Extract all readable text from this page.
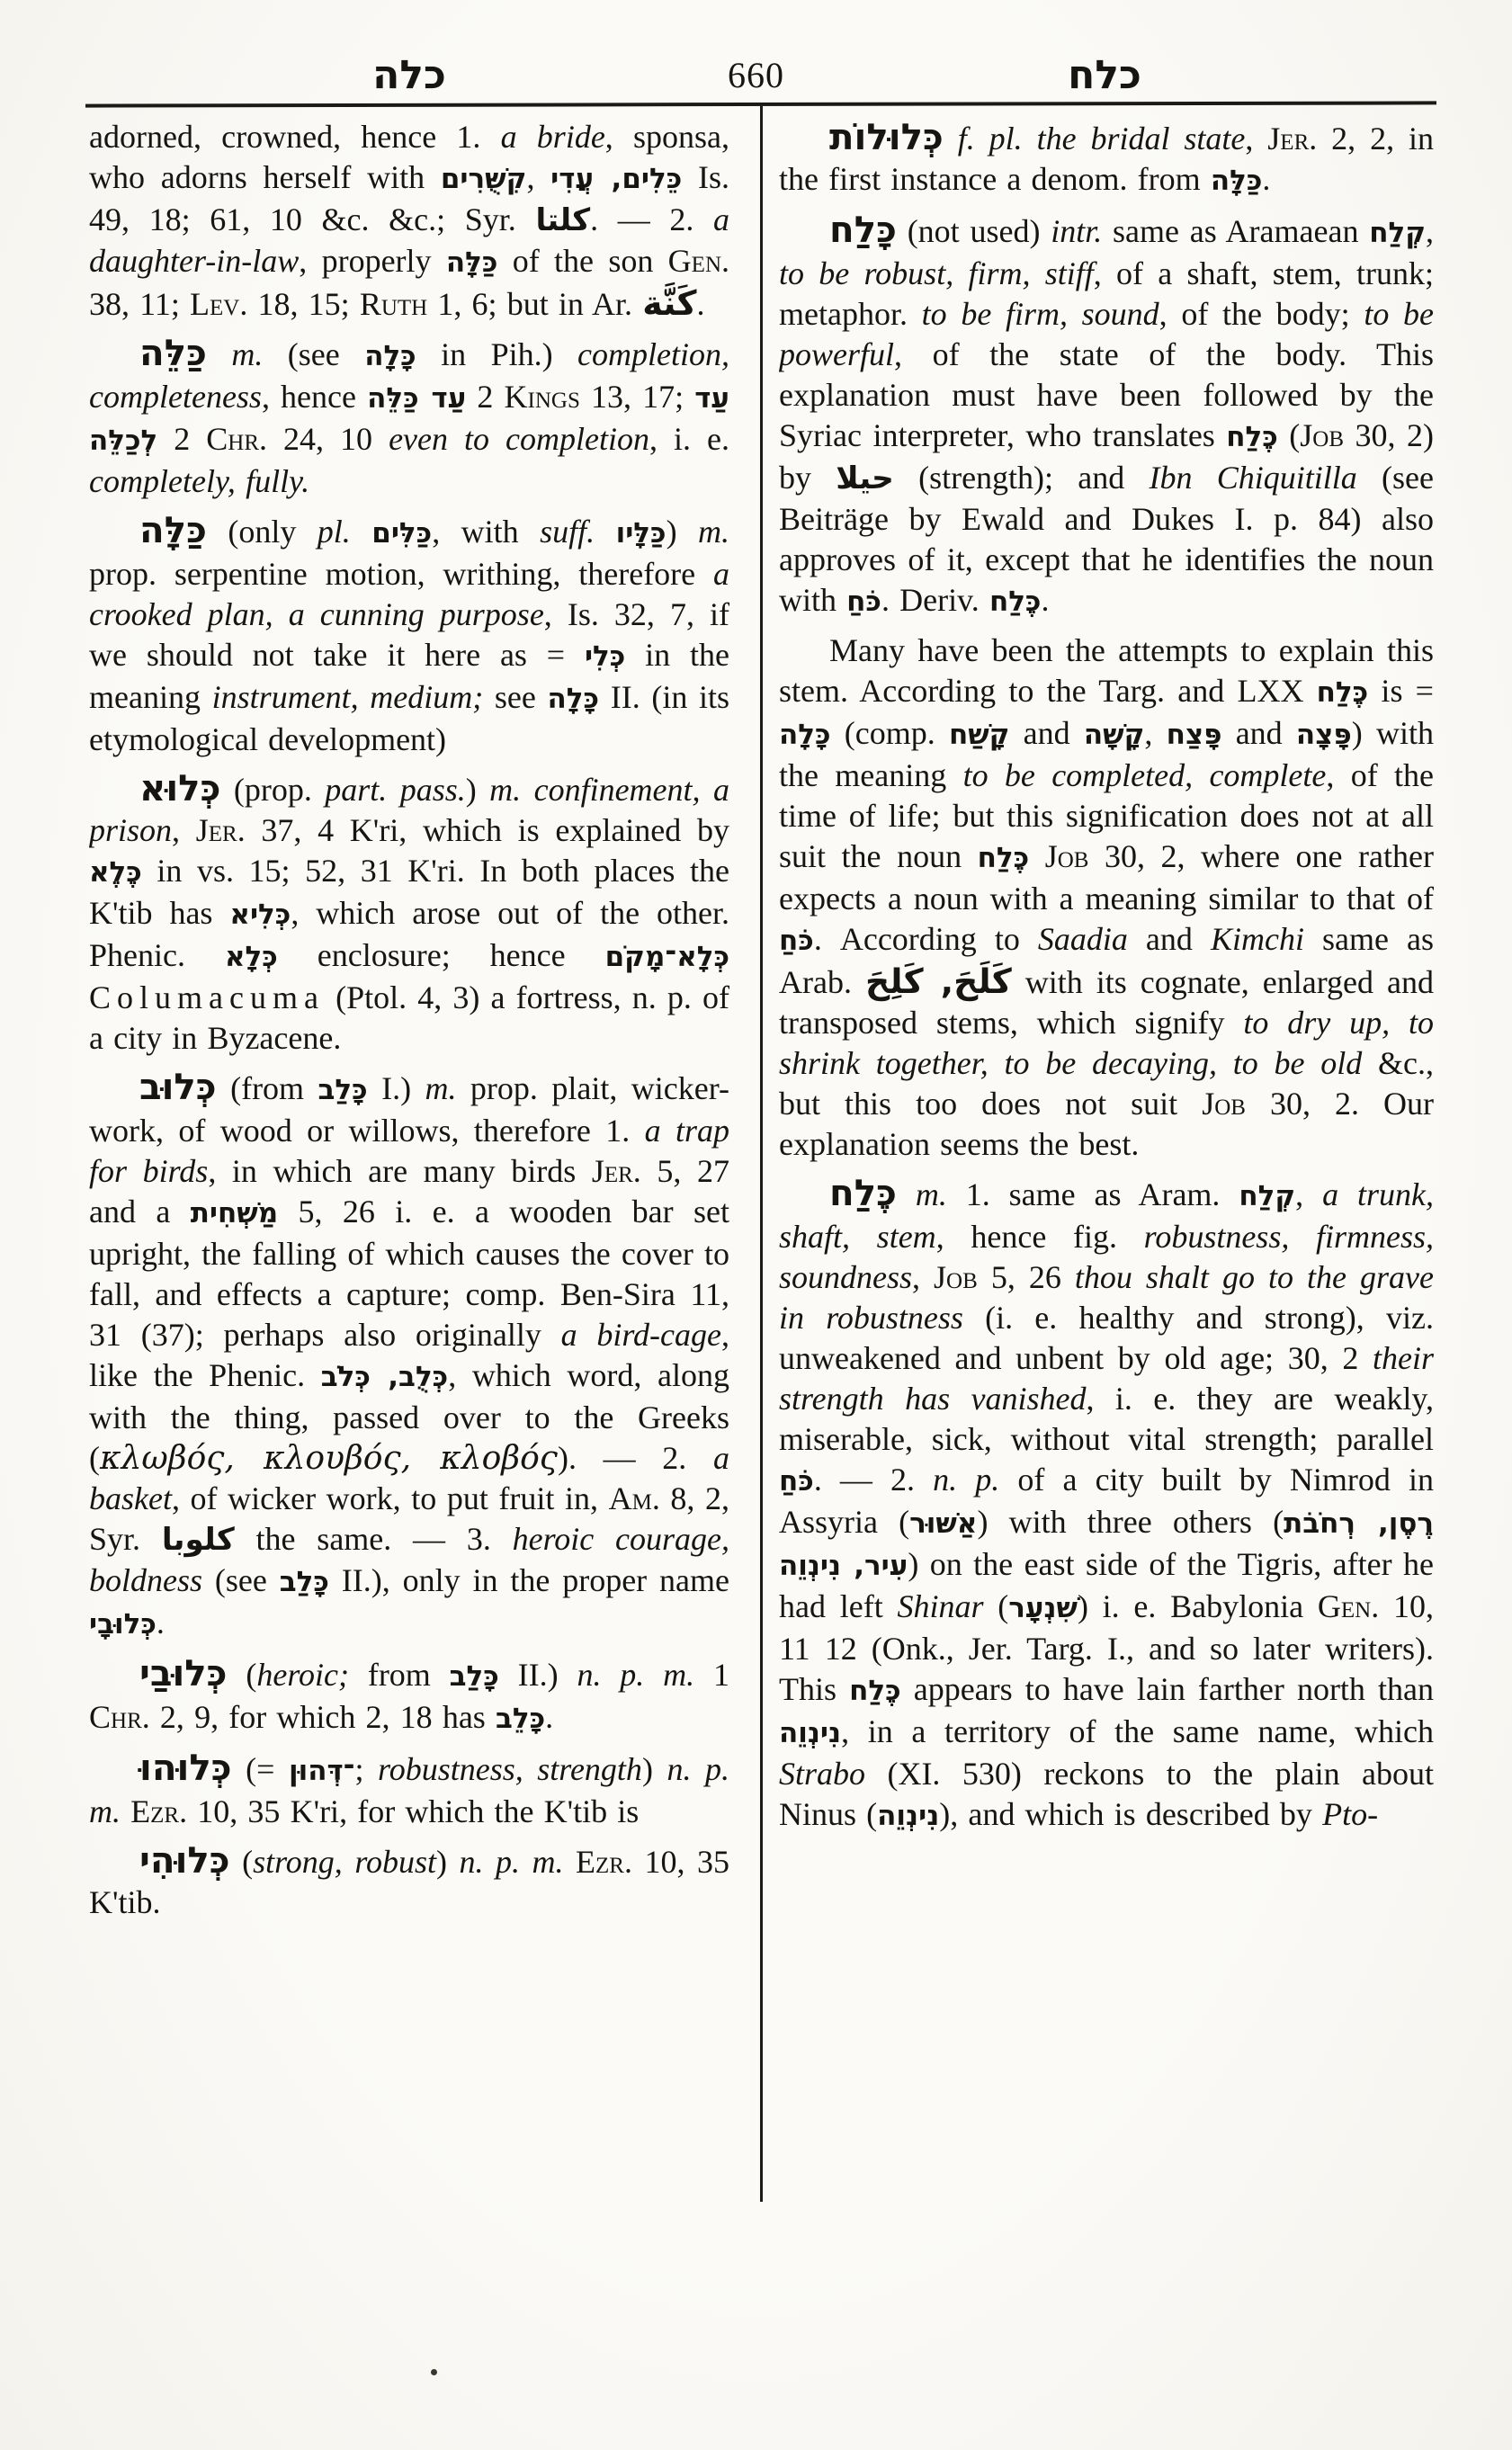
כלה	660	כלח

adorned, crowned, hence 1. a bride, sponsa, who adorns herself with קִשֻּׁרִים, כֵּלִים, עֲדִי Is. 49, 18; 61, 10 &c. &c.; Syr. كلتا. — 2. a daughter-in-law, properly כַּלָּה of the son Gen. 38, 11; Lev. 18, 15; Ruth 1, 6; but in Ar. كَنَّة.

כַּלֵּה m. (see כָּלָה in Pih.) completion, completeness, hence עַד כַּלֵּה 2 Kings 13, 17; עַד לְכַלֵּה 2 Chr. 24, 10 even to completion, i. e. completely, fully.

כַּלָּה (only pl. כַּלִּים, with suff. כַּלָּיו) m. prop. serpentine motion, writhing, therefore a crooked plan, a cunning purpose, Is. 32, 7, if we should not take it here as = כְּלִי in the meaning instrument, medium; see כָּלָה II. (in its etymological development)

כְּלוּא (prop. part. pass.) m. confinement, a prison, Jer. 37, 4 K'ri, which is explained by כֶּלֶא in vs. 15; 52, 31 K'ri. In both places the K'tib has כְּלִיא, which arose out of the other. Phenic. כְּלָא enclosure; hence כְּלָא־מָקֹם Columacuma (Ptol. 4, 3) a fortress, n. p. of a city in Byzacene.

כְּלוּב (from כָּלַב I.) m. prop. plait, wicker-work, of wood or willows, therefore 1. a trap for birds, in which are many birds Jer. 5, 27 and a מַשְׁחִית 5, 26 i. e. a wooden bar set upright, the falling of which causes the cover to fall, and effects a capture; comp. Ben-Sira 11, 31 (37); perhaps also originally a bird-cage, like the Phenic. כְּלֻב, כְּלֹב, which word, along with the thing, passed over to the Greeks (κλωβός, κλουβός, κλοβός). — 2. a basket, of wicker work, to put fruit in, Am. 8, 2, Syr. كلوبا the same. — 3. heroic courage, boldness (see כָּלַב II.), only in the proper name כְּלוּבָי.

כְּלוּבַי (heroic; from כָּלַב II.) n. p. m. 1 Chr. 2, 9, for which 2, 18 has כָּלֵב.

כְּלוּהוּ (= ־דְּהוּן; robustness, strength) n. p. m. Ezr. 10, 35 K'ri, for which the K'tib is

כְּלוּהִי (strong, robust) n. p. m. Ezr. 10, 35 K'tib.

כְּלוּלוֹת f. pl. the bridal state, Jer. 2, 2, in the first instance a denom. from כַּלָּה.

כָּלַח (not used) intr. same as Aramaean קְלַח, to be robust, firm, stiff, of a shaft, stem, trunk; metaphor. to be firm, sound, of the body; to be powerful, of the state of the body. This explanation must have been followed by the Syriac interpreter, who translates כֶּלַח (Job 30, 2) by حيلا (strength); and Ibn Chiquitilla (see Beiträge by Ewald and Dukes I. p. 84) also approves of it, except that he identifies the noun with כֹּחַ. Deriv. כֶּלַח.

Many have been the attempts to explain this stem. According to the Targ. and LXX כֶּלַח is = כָּלָה (comp. קָשַׁח and קָשָׁה, פָּצַח and פָּצָה) with the meaning to be completed, complete, of the time of life; but this signification does not at all suit the noun כֶּלַח Job 30, 2, where one rather expects a noun with a meaning similar to that of כֹּחַ. According to Saadia and Kimchi same as Arab. كَلَحَ, كَلِحَ with its cognate, enlarged and transposed stems, which signify to dry up, to shrink together, to be decaying, to be old &c., but this too does not suit Job 30, 2. Our explanation seems the best.

כֶּלַח m. 1. same as Aram. קְלַח, a trunk, shaft, stem, hence fig. robustness, firmness, soundness, Job 5, 26 thou shalt go to the grave in robustness (i. e. healthy and strong), viz. unweakened and unbent by old age; 30, 2 their strength has vanished, i. e. they are weakly, miserable, sick, without vital strength; parallel כֹּחַ. — 2. n. p. of a city built by Nimrod in Assyria (אַשּׁוּר) with three others (רֶסֶן, רְחֹבֹת עִיר, נִינְוֵה) on the east side of the Tigris, after he had left Shinar (שִׁנְעָר) i. e. Babylonia Gen. 10, 11 12 (Onk., Jer. Targ. I., and so later writers). This כֶּלַח appears to have lain farther north than נִינְוֵה, in a territory of the same name, which Strabo (XI. 530) reckons to the plain about Ninus (נִינְוֵה), and which is described by Pto-
